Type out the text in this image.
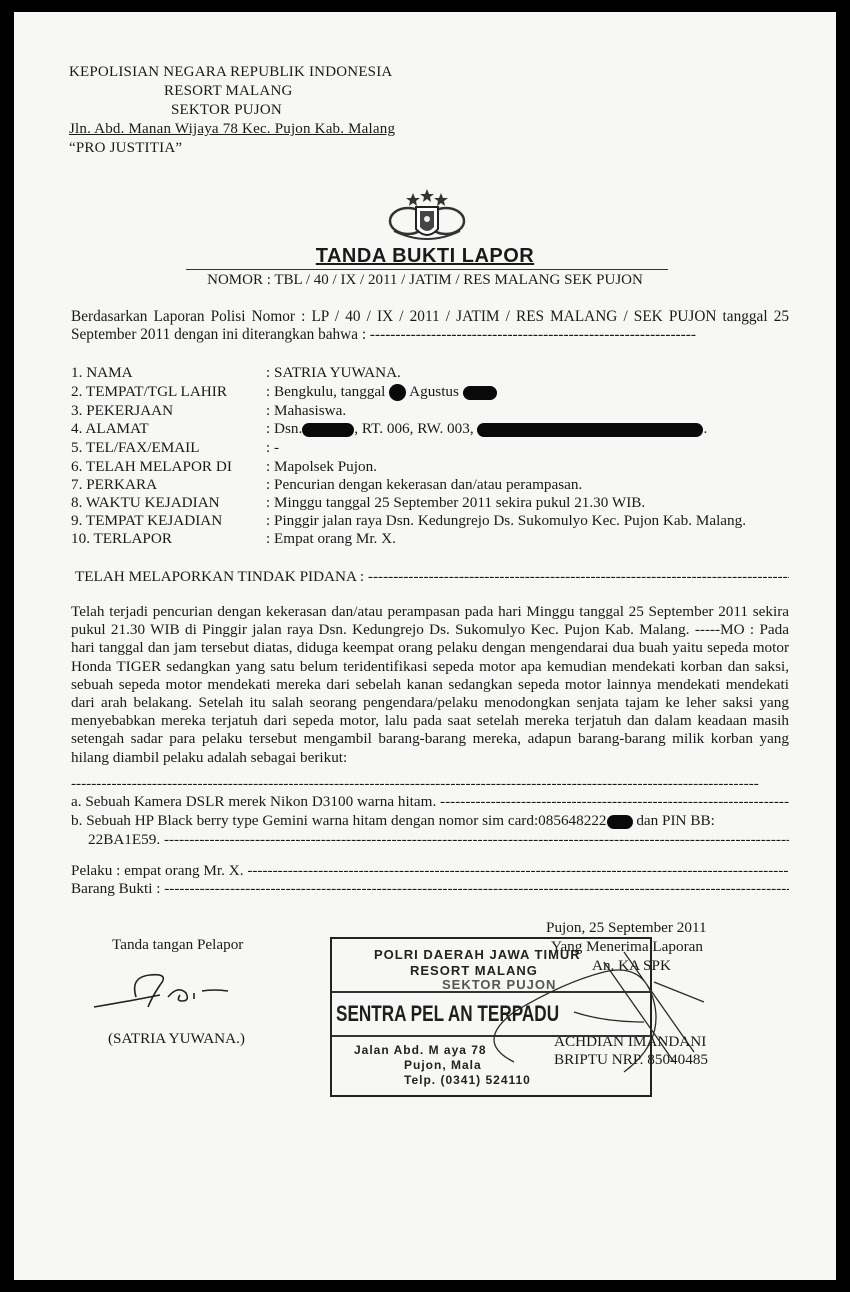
KEPOLISIAN NEGARA REPUBLIK INDONESIA
RESORT MALANG
SEKTOR PUJON
Jln. Abd. Manan Wijaya 78 Kec. Pujon Kab. Malang
“PRO JUSTITIA”
TANDA BUKTI LAPOR
NOMOR : TBL / 40 / IX / 2011 / JATIM / RES MALANG SEK PUJON
Berdasarkan Laporan Polisi Nomor : LP / 40 / IX / 2011 / JATIM / RES MALANG / SEK PUJON tanggal 25 September 2011 dengan ini diterangkan bahwa : ----------------------------------------------------------------
1. NAMA	: SATRIA YUWANA.
2. TEMPAT/TGL LAHIR	: Bengkulu, tanggal Agustus
3. PEKERJAAN	: Mahasiswa.
4. ALAMAT	: Dsn.	, RT. 006, RW. 003,	.
5. TEL/FAX/EMAIL	: -
6. TELAH MELAPOR DI : Mapolsek Pujon.
7. PERKARA	: Pencurian dengan kekerasan dan/atau perampasan.
8. WAKTU KEJADIAN	: Minggu tanggal 25 September 2011 sekira pukul 21.30 WIB.
9. TEMPAT KEJADIAN	: Pinggir jalan raya Dsn. Kedungrejo Ds. Sukomulyo Kec. Pujon Kab. Malang.
10. TERLAPOR	: Empat orang Mr. X.
TELAH MELAPORKAN TINDAK PIDANA : -----

Telah terjadi pencurian dengan kekerasan dan/atau perampasan pada hari Minggu tanggal 25 September 2011 sekira pukul 21.30 WIB di Pinggir jalan raya Dsn. Kedungrejo Ds. Sukomulyo Kec. Pujon Kab. Malang. -----MO : Pada hari tanggal dan jam tersebut diatas, diduga keempat orang pelaku dengan mengendarai dua buah yaitu sepeda motor Honda TIGER sedangkan yang satu belum teridentifikasi sepeda motor apa kemudian mendekati korban dan saksi, sebuah sepeda motor mendekati mereka dari sebelah kanan sedangkan sepeda motor lainnya mendekati mendekati dari arah belakang. Setelah itu salah seorang pengendara/pelaku menodongkan senjata tajam ke leher saksi yang menyebabkan mereka terjatuh dari sepeda motor, lalu pada saat setelah mereka terjatuh dan dalam keadaan masih setengah sadar para pelaku tersebut mengambil barang-barang mereka, adapun barang-barang milik korban yang hilang diambil pelaku adalah sebagai berikut:

-----
a. Sebuah Kamera DSLR merek Nikon D3100 warna hitam. -----
b. Sebuah HP Black berry type Gemini warna hitam dengan nomor sim card:085648222 dan PIN BB:
22BA1E59. -----
Pelaku : empat orang Mr. X. -----
Barang Bukti : -----
Tanda tangan Pelapor
(SATRIA YUWANA.)
Pujon, 25 September 2011
Yang Menerima Laporan
An. KA SPK
ACHDIAN IMANDANI
BRIPTU NRP. 85040485
POLRI DAERAH JAWA TIMUR
RESORT MALANG
SEKTOR PUJON
SENTRA PEL AN TERPADU
Jalan Abd. M aya 78
Pujon, Mala
Telp. (0341) 524110
